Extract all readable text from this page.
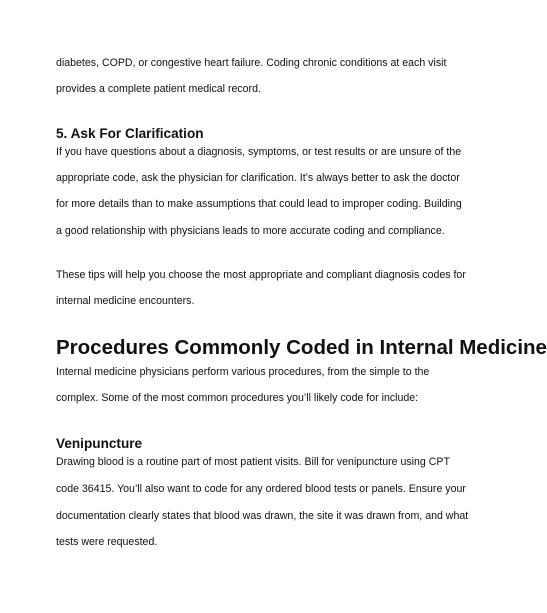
diabetes, COPD, or congestive heart failure. Coding chronic conditions at each visit

provides a complete patient medical record.

5. Ask For Clarification

If you have questions about a diagnosis, symptoms, or test results or are unsure of the

appropriate code, ask the physician for clarification. It’s always better to ask the doctor

for more details than to make assumptions that could lead to improper coding. Building

a good relationship with physicians leads to more accurate coding and compliance.

These tips will help you choose the most appropriate and compliant diagnosis codes for

internal medicine encounters.

Procedures Commonly Coded in Internal Medicine

Internal medicine physicians perform various procedures, from the simple to the

complex. Some of the most common procedures you’ll likely code for include:

Venipuncture

Drawing blood is a routine part of most patient visits. Bill for venipuncture using CPT

code 36415. You’ll also want to code for any ordered blood tests or panels. Ensure your

documentation clearly states that blood was drawn, the site it was drawn from, and what

tests were requested.
